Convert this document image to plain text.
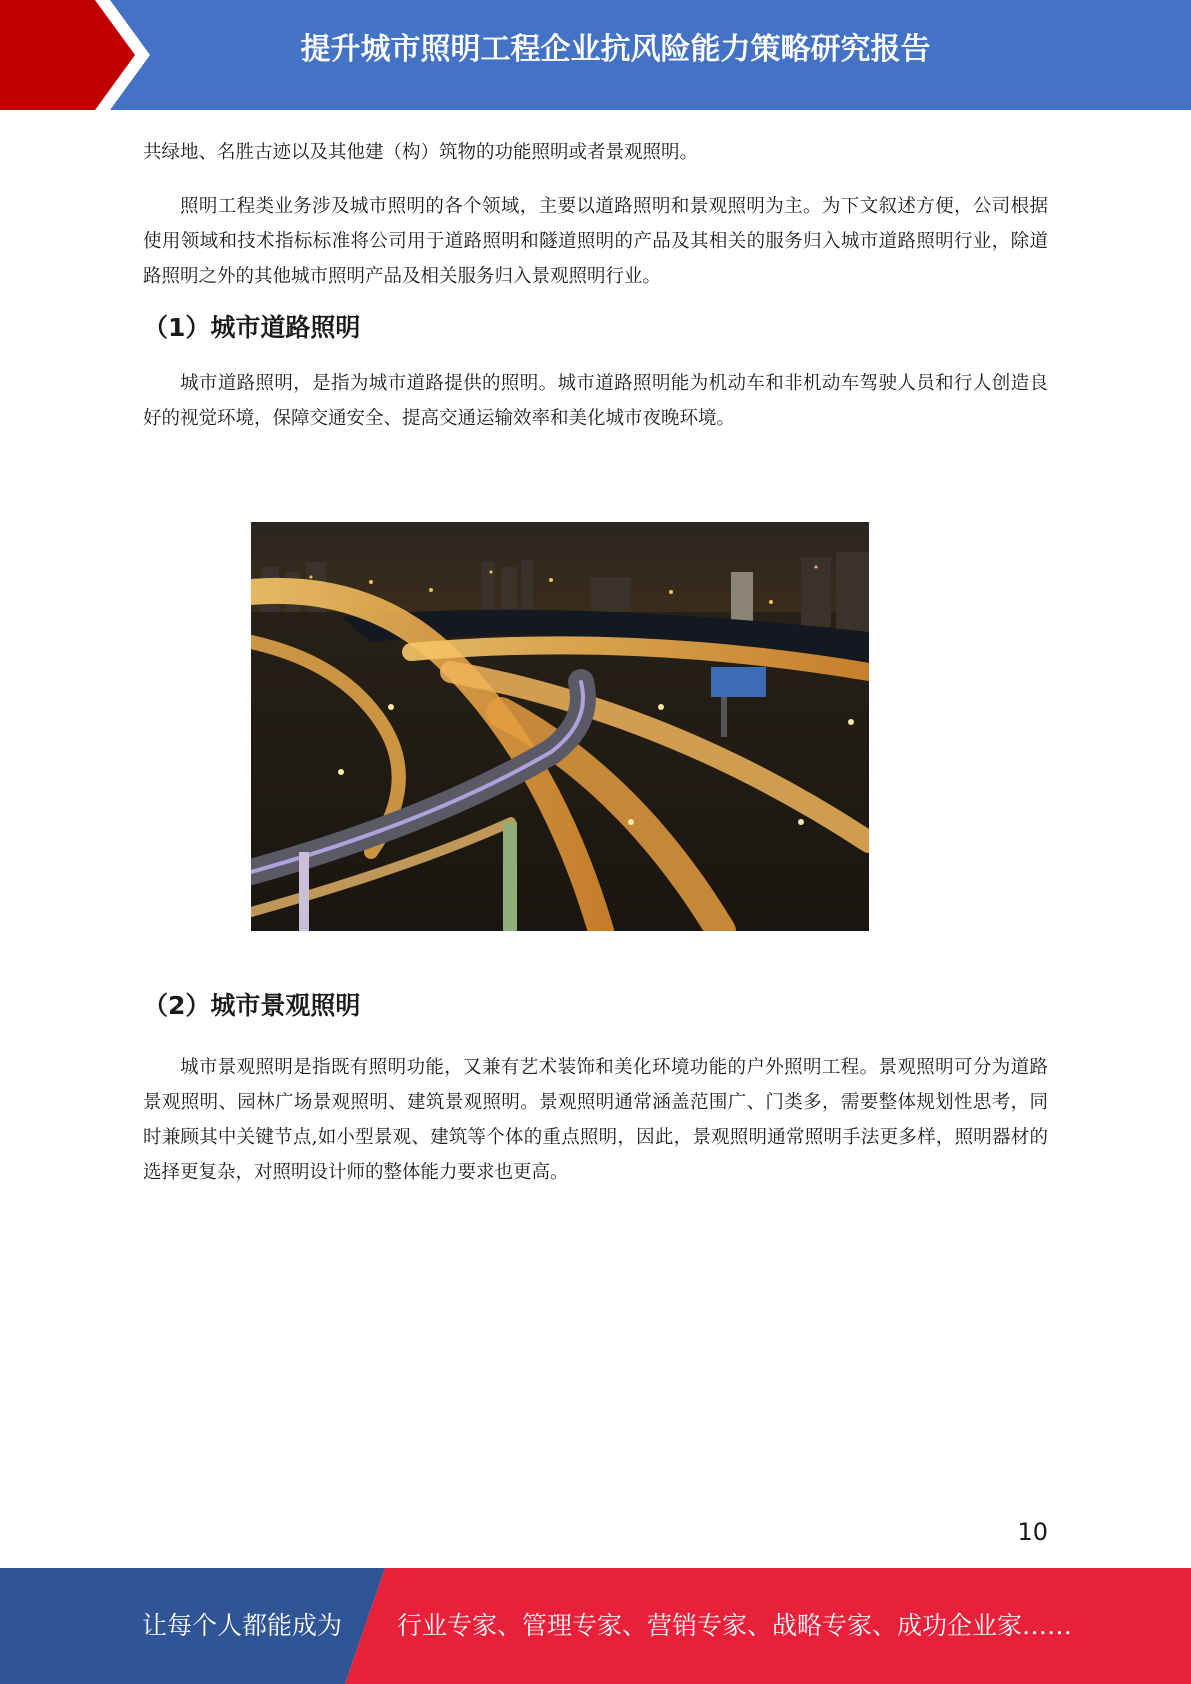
提升城市照明工程企业抗风险能力策略研究报告

共绿地、名胜古迹以及其他建（构）筑物的功能照明或者景观照明。

照明工程类业务涉及城市照明的各个领域，主要以道路照明和景观照明为主。为下文叙述方便，公司根据使用领域和技术指标标准将公司用于道路照明和隧道照明的产品及其相关的服务归入城市道路照明行业，除道路照明之外的其他城市照明产品及相关服务归入景观照明行业。

（1）城市道路照明

城市道路照明，是指为城市道路提供的照明。城市道路照明能为机动车和非机动车驾驶人员和行人创造良好的视觉环境，保障交通安全、提高交通运输效率和美化城市夜晚环境。

（2）城市景观照明

城市景观照明是指既有照明功能，又兼有艺术装饰和美化环境功能的户外照明工程。景观照明可分为道路景观照明、园林广场景观照明、建筑景观照明。景观照明通常涵盖范围广、门类多，需要整体规划性思考，同时兼顾其中关键节点,如小型景观、建筑等个体的重点照明，因此，景观照明通常照明手法更多样，照明器材的选择更复杂，对照明设计师的整体能力要求也更高。

10
让每个人都能成为 行业专家、管理专家、营销专家、战略专家、成功企业家……
